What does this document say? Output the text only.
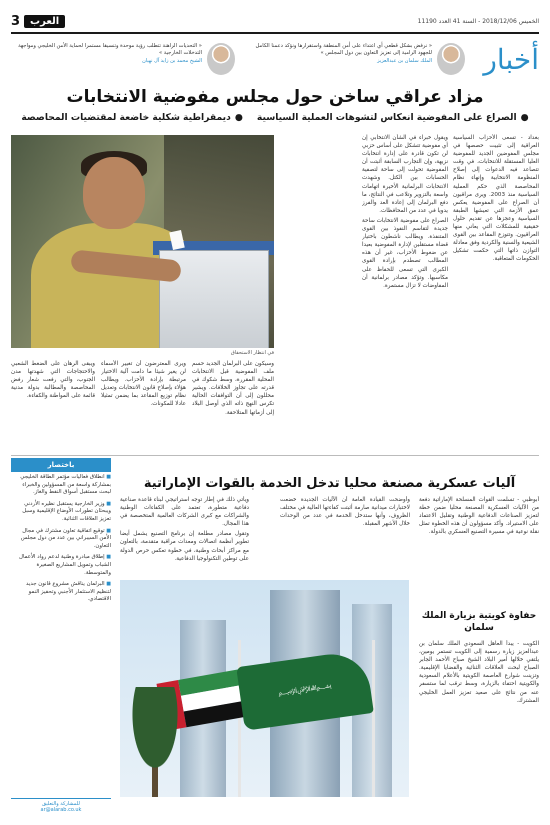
الخميس 2018/12/06 - السنة 41 العدد 11190
3	العرب
أخبار
« نرفض بشكل قطعي أي اعتداء على أمن المنطقة واستقرارها ونؤكد دعمنا الكامل للجهود الرامية إلى تعزيز التعاون بين دول المجلس »
الملك سلمان بن عبدالعزيز
« التحديات الراهنة تتطلب رؤية موحدة وتنسيقا مستمرا لحماية الأمن الخليجي ومواجهة التدخلات الخارجية »
الشيخ محمد بن زايد آل نهيان
مزاد عراقي ساخن حول مجلس مفوضية الانتخابات
●الصراع على المفوضية انعكاس لتشوهات العملية السياسية
●ديمقراطية شكلية خاضعة لمقتضيات المحاصصة

بغداد - تسعى الأحزاب السياسية العراقية إلى تثبيت حصصها في مجلس المفوضين الجديد للمفوضية العليا المستقلة للانتخابات، في وقت تتصاعد فيه الدعوات إلى إصلاح المنظومة الانتخابية وإنهاء نظام المحاصصة الذي حكم العملية السياسية منذ 2003. ويرى مراقبون أن الصراع على المفوضية يعكس عمق الأزمة التي تعيشها الطبقة السياسية وعجزها عن تقديم حلول حقيقية للمشكلات التي يعاني منها العراقيون. وتتوزع المقاعد بين القوى الشيعية والسنية والكردية وفق معادلة التوازن ذاتها التي حكمت تشكيل الحكومات المتعاقبة.

ويقول خبراء في الشأن الانتخابي إن أي مفوضية تتشكل على أساس حزبي لن تكون قادرة على إدارة انتخابات نزيهة، وإن التجارب السابقة أثبتت أن المفوضية تحولت إلى ساحة لتصفية الحسابات بين الكتل. وشهدت الانتخابات البرلمانية الأخيرة اتهامات واسعة بالتزوير وتلاعب في النتائج، ما دفع البرلمان إلى إعادة العد والفرز يدويا في عدد من المحافظات.

الصراع على مفوضية الانتخابات ساحة جديدة لتقاسم النفوذ بين القوى المتنفذة. ويطالب ناشطون باختيار قضاة مستقلين لإدارة المفوضية بعيدا عن ضغوط الأحزاب، غير أن هذه المطالب تصطدم بإرادة القوى الكبرى التي تسعى للحفاظ على مكاسبها. وتؤكد مصادر برلمانية أن المفاوضات لا تزال مستمرة.

في انتظار الاستحقاق

وسيكون على البرلمان الجديد حسم ملف المفوضية قبل الانتخابات المحلية المقررة، وسط شكوك في قدرته على تجاوز الخلافات. ويشير محللون إلى أن التوافقات الحالية تكرس النهج ذاته الذي أوصل البلاد إلى أزماتها المتلاحقة.

ويرى المعترضون أن تغيير الأسماء لن يغير شيئا ما دامت آلية الاختيار مرتبطة بإرادة الأحزاب. ويطالب هؤلاء بإصلاح قانون الانتخابات وتعديل نظام توزيع المقاعد بما يضمن تمثيلا عادلا للمكونات.

ويبقى الرهان على الضغط الشعبي والاحتجاجات التي شهدتها مدن الجنوب، والتي رفعت شعار رفض المحاصصة والمطالبة بدولة مدنية قائمة على المواطنة والكفاءة.

باختصار

■ انطلاق فعاليات مؤتمر الطاقة الخليجي بمشاركة واسعة من المسؤولين والخبراء لبحث مستقبل أسواق النفط والغاز.

■ وزير الخارجية يستقبل نظيره الأردني ويبحثان تطورات الأوضاع الإقليمية وسبل تعزيز العلاقات الثنائية.

■ توقيع اتفاقية تعاون مشترك في مجال الأمن السيبراني بين عدد من دول مجلس التعاون.

■ إطلاق مبادرة وطنية لدعم رواد الأعمال الشباب وتمويل المشاريع الصغيرة والمتوسطة.

■ البرلمان يناقش مشروع قانون جديد لتنظيم الاستثمار الأجنبي وتحفيز النمو الاقتصادي.

للمشاركة والتعليق
ar@alarab.co.uk
آليات عسكرية مصنعة محليا تدخل الخدمة بالقوات الإماراتية

أبوظبي - تسلمت القوات المسلحة الإماراتية دفعة من الآليات العسكرية المصنعة محليا ضمن خطة لتعزيز الصناعات الدفاعية الوطنية وتقليل الاعتماد على الاستيراد. وأكد مسؤولون أن هذه الخطوة تمثل نقلة نوعية في مسيرة التصنيع العسكري بالدولة.

وأوضحت القيادة العامة أن الآليات الجديدة خضعت لاختبارات ميدانية صارمة أثبتت كفاءتها العالية في مختلف الظروف، وأنها ستدخل الخدمة في عدد من الوحدات خلال الأشهر المقبلة.

ويأتي ذلك في إطار توجه استراتيجي لبناء قاعدة صناعية دفاعية متطورة، تعتمد على الكفاءات الوطنية والشراكات مع كبرى الشركات العالمية المتخصصة في هذا المجال.

وتقول مصادر مطلعة إن برنامج التصنيع يشمل أيضا تطوير أنظمة اتصالات ومعدات مراقبة متقدمة، بالتعاون مع مراكز أبحاث وطنية، في خطوة تعكس حرص الدولة على توطين التكنولوجيا الدفاعية.

حفاوة كويتية بزيارة الملك سلمان

الكويت - يبدأ العاهل السعودي الملك سلمان بن عبدالعزيز زيارة رسمية إلى الكويت تستمر يومين، يلتقي خلالها أمير البلاد الشيخ صباح الأحمد الجابر الصباح لبحث العلاقات الثنائية والقضايا الإقليمية. وتزينت شوارع العاصمة الكويتية بالأعلام السعودية والكويتية احتفاء بالزيارة، وسط ترقب لما ستسفر عنه من نتائج على صعيد تعزيز العمل الخليجي المشترك.

﷽
